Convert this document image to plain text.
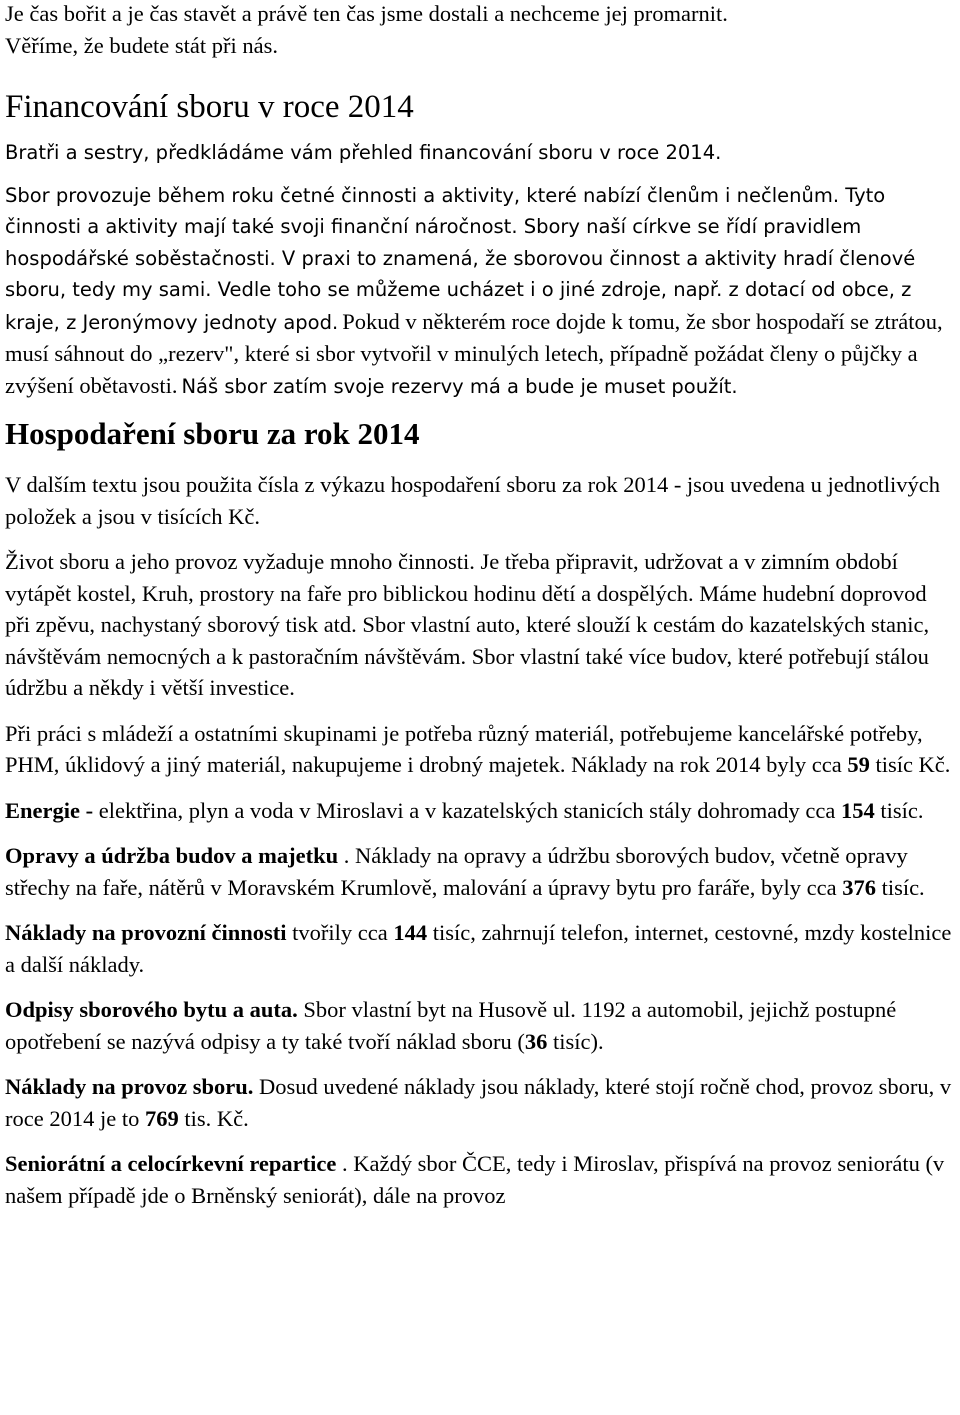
Je čas bořit a je čas stavět a právě ten čas jsme dostali a nechceme jej promarnit.
Věříme, že budete stát při nás.

Financování sboru v roce 2014

Bratři a sestry, předkládáme vám přehled financování sboru v roce 2014.

Sbor provozuje během roku četné činnosti a aktivity, které nabízí členům i nečlenům. Tyto činnosti a aktivity mají také svoji finanční náročnost. Sbory naší církve se řídí pravidlem hospodářské soběstačnosti. V praxi to znamená, že sborovou činnost a aktivity hradí členové sboru, tedy my sami. Vedle toho se můžeme ucházet i o jiné zdroje, např. z dotací od obce, z kraje, z Jeronýmovy jednoty apod. Pokud v některém roce dojde k tomu, že sbor hospodaří se ztrátou, musí sáhnout do „rezerv", které si sbor vytvořil v minulých letech, případně požádat členy o půjčky a zvýšení obětavosti. Náš sbor zatím svoje rezervy má a bude je muset použít.

Hospodaření sboru za rok 2014

V dalším textu jsou použita čísla z výkazu hospodaření sboru za rok 2014 - jsou uvedena u jednotlivých položek a jsou v tisících Kč.

Život sboru a jeho provoz vyžaduje mnoho činnosti. Je třeba připravit, udržovat a v zimním období vytápět kostel, Kruh, prostory na faře pro biblickou hodinu dětí a dospělých. Máme hudební doprovod při zpěvu, nachystaný sborový tisk atd. Sbor vlastní auto, které slouží k cestám do kazatelských stanic, návštěvám nemocných a k pastoračním návštěvám. Sbor vlastní také více budov, které potřebují stálou údržbu a někdy i větší investice.

Při práci s mládeží a ostatními skupinami je potřeba různý materiál, potřebujeme kancelářské potřeby, PHM, úklidový a jiný materiál, nakupujeme i drobný majetek. Náklady na rok 2014 byly cca 59 tisíc Kč.

Energie - elektřina, plyn a voda v Miroslavi a v kazatelských stanicích stály dohromady cca 154 tisíc.

Opravy a údržba budov a majetku . Náklady na opravy a údržbu sborových budov, včetně opravy střechy na faře, nátěrů v Moravském Krumlově, malování a úpravy bytu pro faráře, byly cca 376 tisíc.

Náklady na provozní činnosti tvořily cca 144 tisíc, zahrnují telefon, internet, cestovné, mzdy kostelnice a další náklady.

Odpisy sborového bytu a auta. Sbor vlastní byt na Husově ul. 1192 a automobil, jejichž postupné opotřebení se nazývá odpisy a ty také tvoří náklad sboru (36 tisíc).

Náklady na provoz sboru. Dosud uvedené náklady jsou náklady, které stojí ročně chod, provoz sboru, v roce 2014 je to 769 tis. Kč.

Seniorátní a celocírkevní repartice . Každý sbor ČCE, tedy i Miroslav, přispívá na provoz seniorátu (v našem případě jde o Brněnský seniorát), dále na provoz
